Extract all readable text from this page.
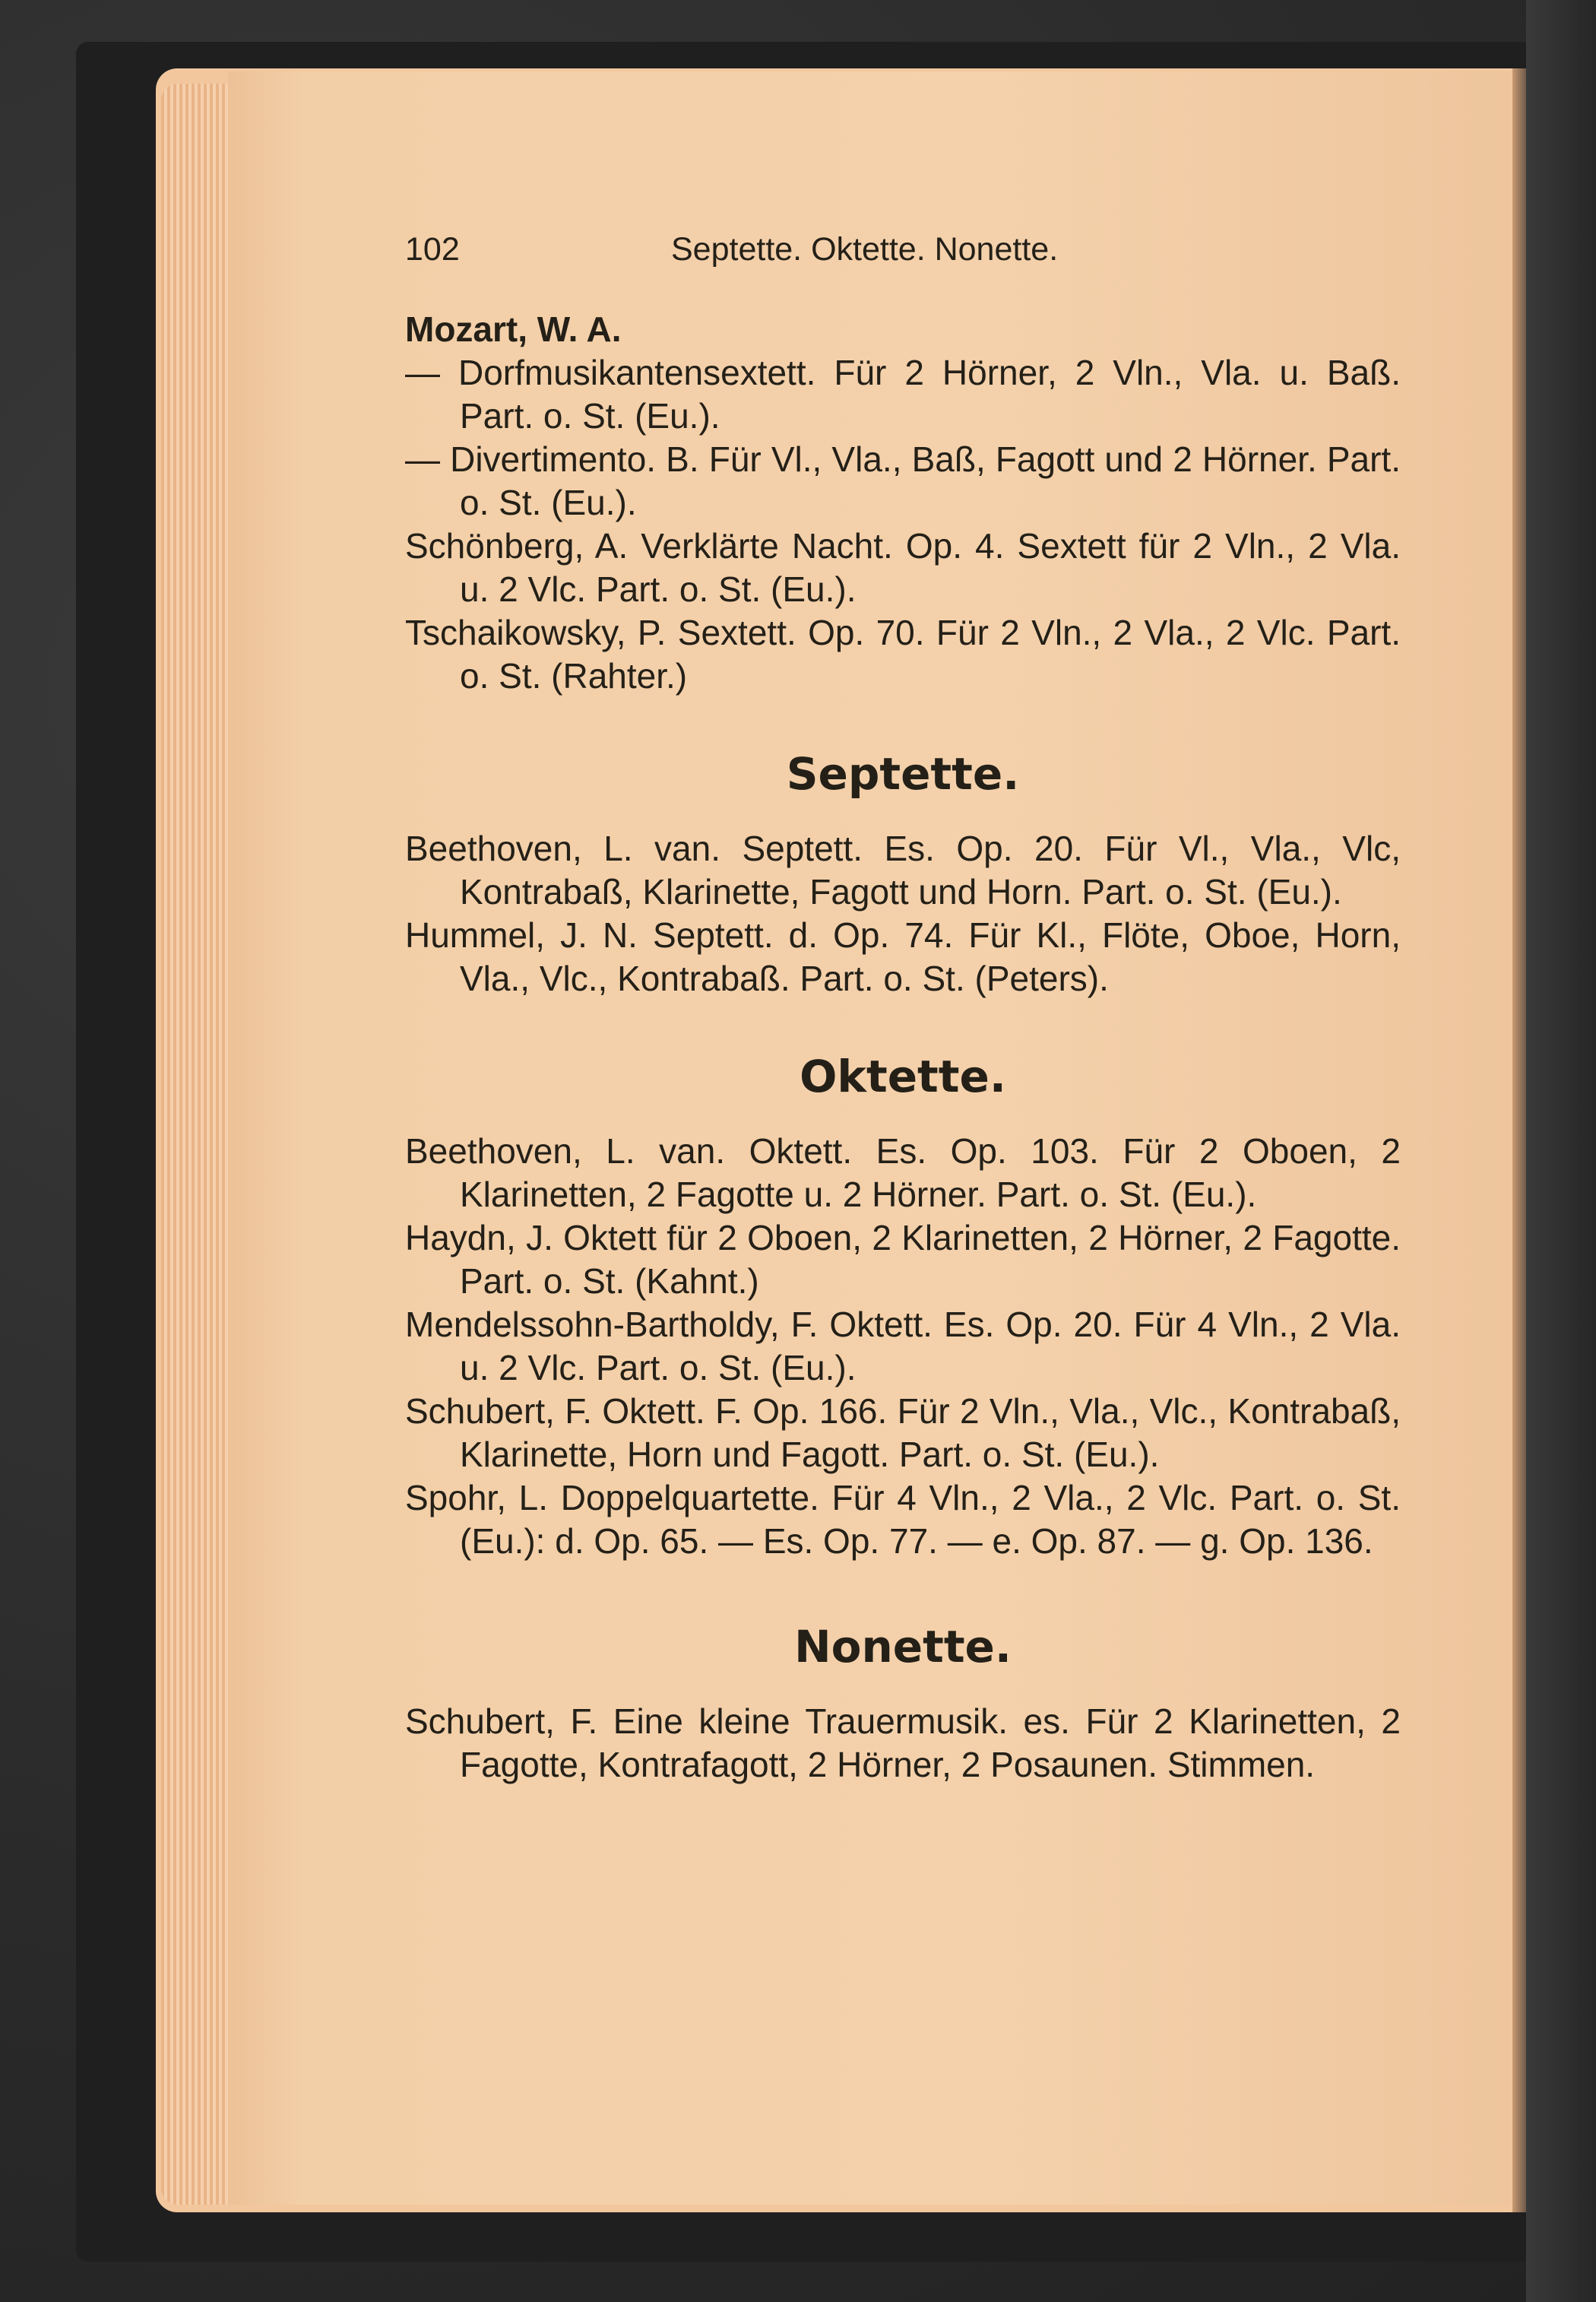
102	Septette. Oktette. Nonette.

Mozart, W. A.

— Dorfmusikantensextett. Für 2 Hörner, 2 Vln., Vla. u. Baß. Part. o. St. (Eu.).

— Divertimento. B. Für Vl., Vla., Baß, Fagott und 2 Hörner. Part. o. St. (Eu.).

Schönberg, A. Verklärte Nacht. Op. 4. Sextett für 2 Vln., 2 Vla. u. 2 Vlc. Part. o. St. (Eu.).

Tschaikowsky, P. Sextett. Op. 70. Für 2 Vln., 2 Vla., 2 Vlc. Part. o. St. (Rahter.)

Septette.

Beethoven, L. van. Septett. Es. Op. 20. Für Vl., Vla., Vlc, Kontrabaß, Klarinette, Fagott und Horn. Part. o. St. (Eu.).

Hummel, J. N. Septett. d. Op. 74. Für Kl., Flöte, Oboe, Horn, Vla., Vlc., Kontrabaß. Part. o. St. (Peters).

Oktette.

Beethoven, L. van. Oktett. Es. Op. 103. Für 2 Oboen, 2 Klarinetten, 2 Fagotte u. 2 Hörner. Part. o. St. (Eu.).

Haydn, J. Oktett für 2 Oboen, 2 Klarinetten, 2 Hörner, 2 Fagotte. Part. o. St. (Kahnt.)

Mendelssohn-Bartholdy, F. Oktett. Es. Op. 20. Für 4 Vln., 2 Vla. u. 2 Vlc. Part. o. St. (Eu.).

Schubert, F. Oktett. F. Op. 166. Für 2 Vln., Vla., Vlc., Kontrabaß, Klarinette, Horn und Fagott. Part. o. St. (Eu.).

Spohr, L. Doppelquartette. Für 4 Vln., 2 Vla., 2 Vlc. Part. o. St. (Eu.): d. Op. 65. — Es. Op. 77. — e. Op. 87. — g. Op. 136.

Nonette.

Schubert, F. Eine kleine Trauermusik. es. Für 2 Klarinetten, 2 Fagotte, Kontrafagott, 2 Hörner, 2 Posaunen. Stimmen.
